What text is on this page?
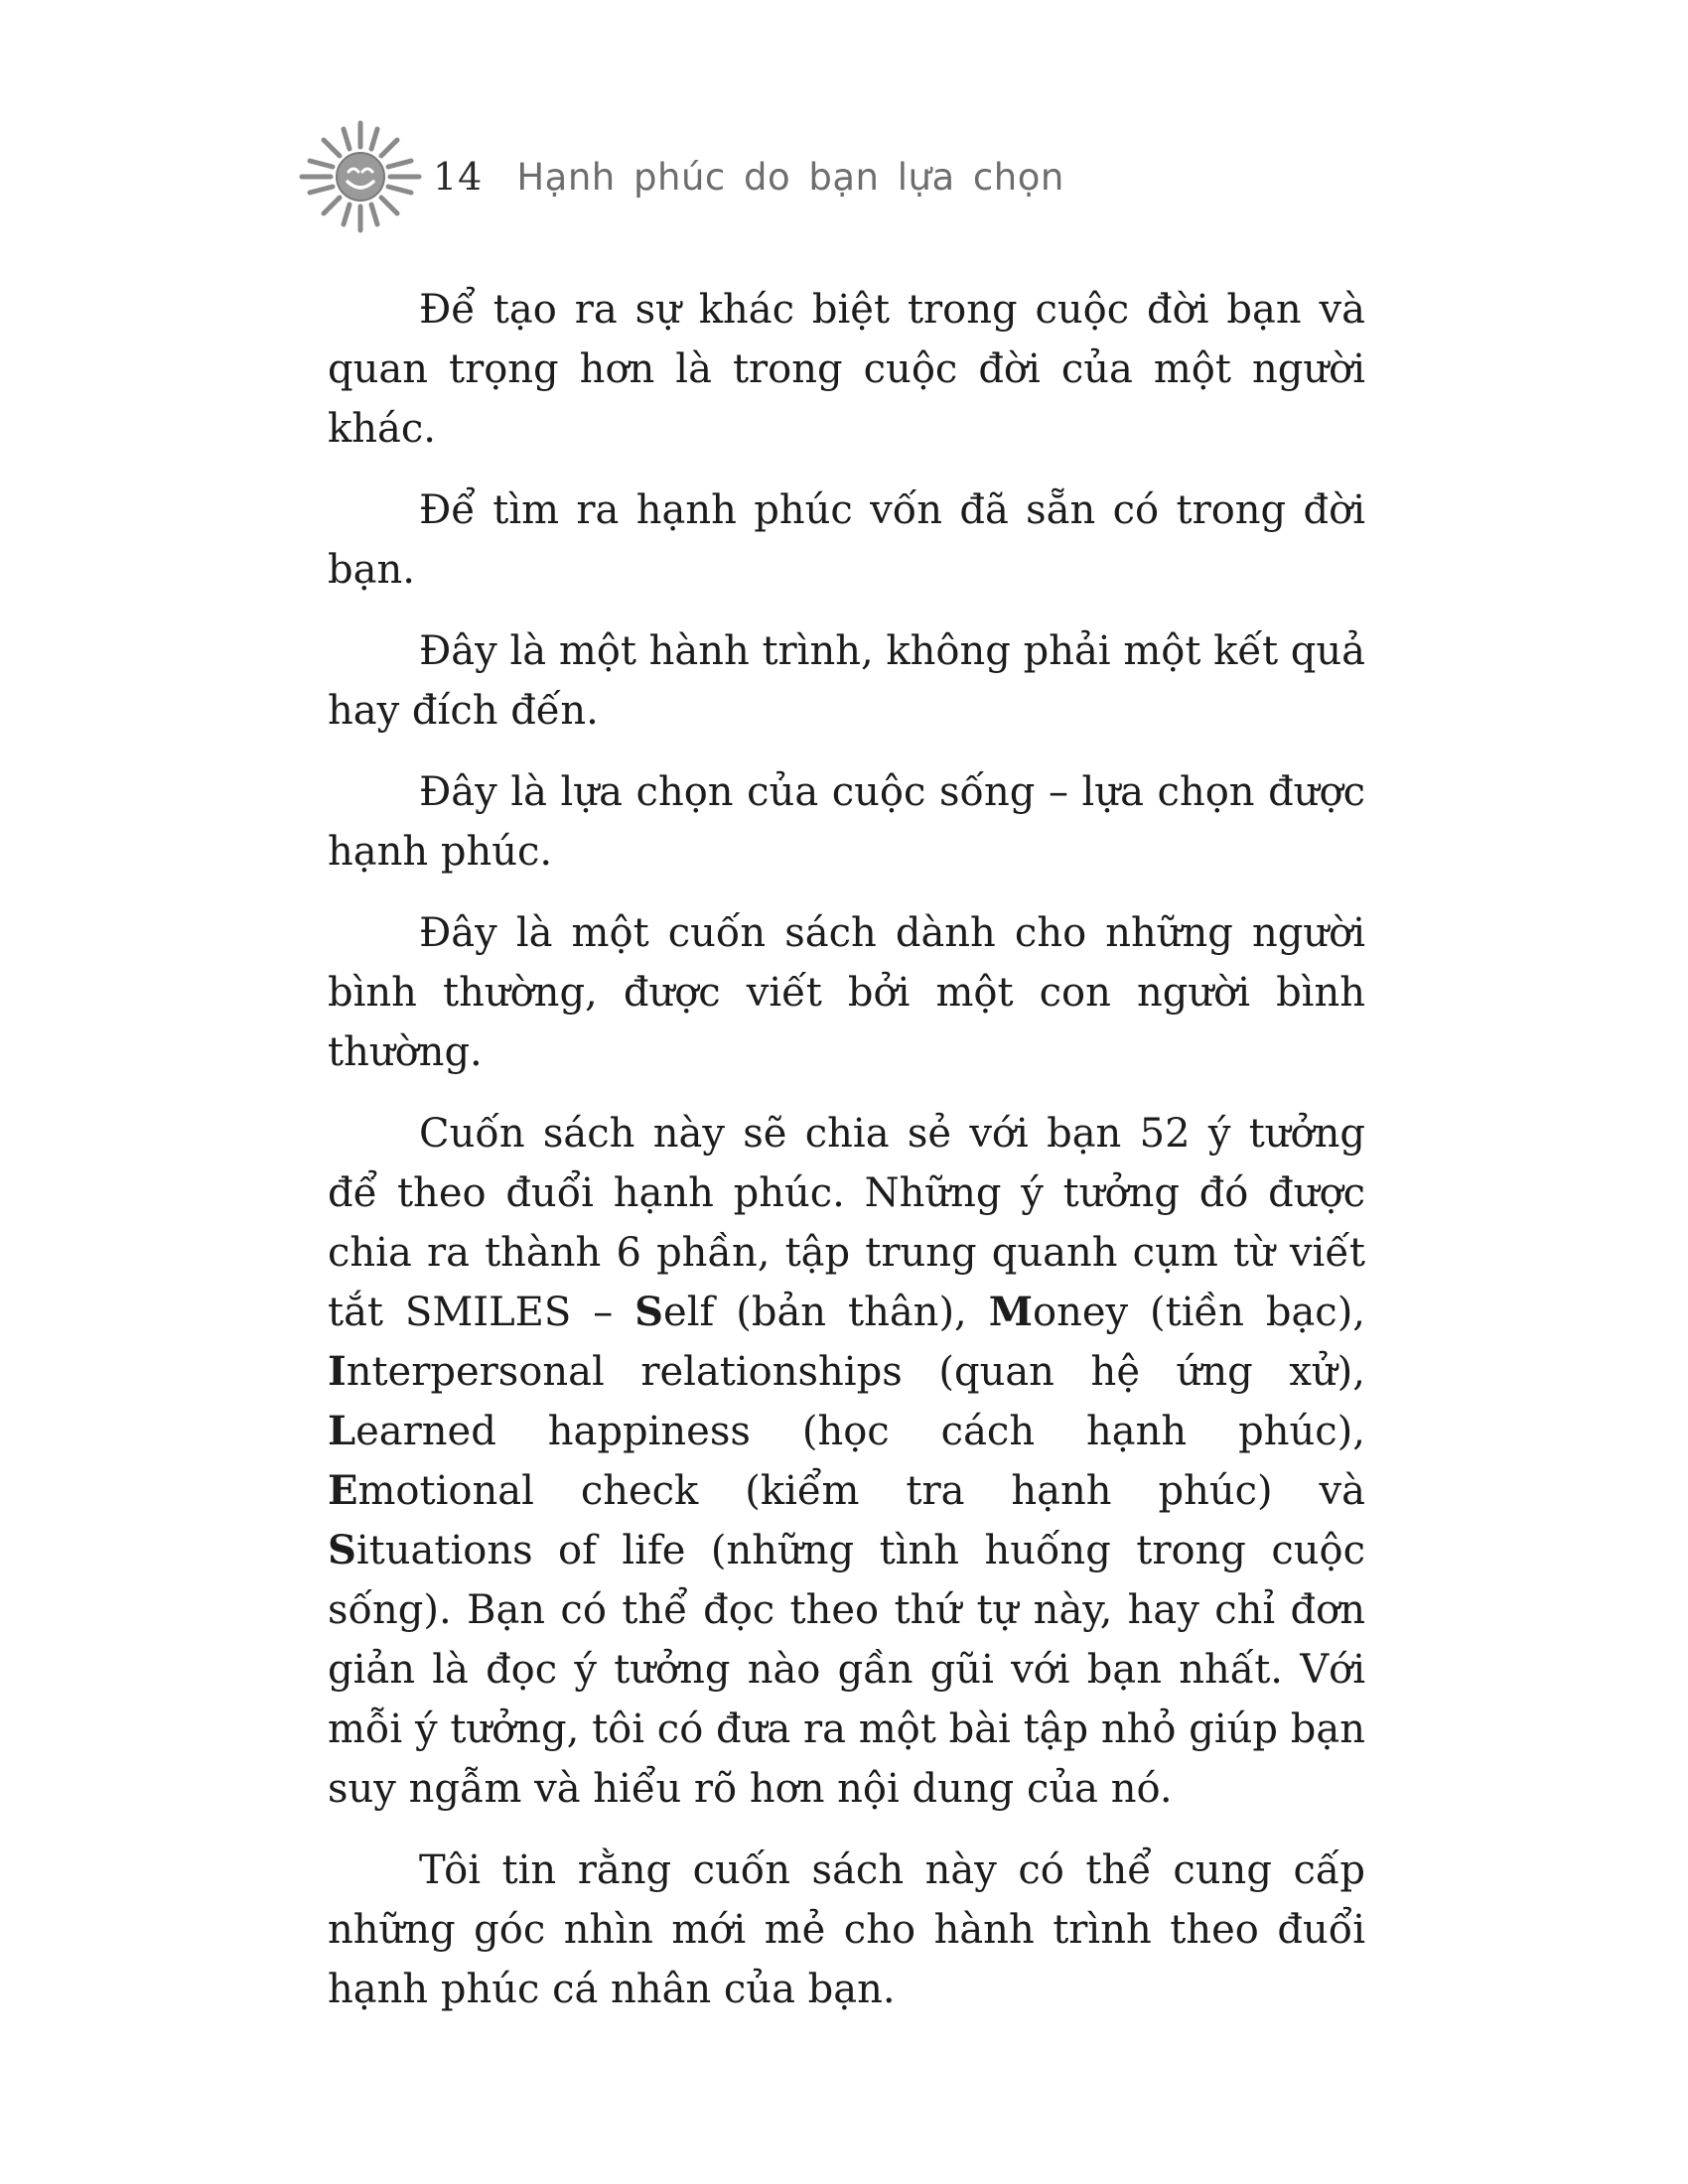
14 Hạnh phúc do bạn lựa chọn

Để tạo ra sự khác biệt trong cuộc đời bạn và quan trọng hơn là trong cuộc đời của một người khác.

Để tìm ra hạnh phúc vốn đã sẵn có trong đời bạn.

Đây là một hành trình, không phải một kết quả hay đích đến.

Đây là lựa chọn của cuộc sống – lựa chọn được hạnh phúc.

Đây là một cuốn sách dành cho những người bình thường, được viết bởi một con người bình thường.

Cuốn sách này sẽ chia sẻ với bạn 52 ý tưởng để theo đuổi hạnh phúc. Những ý tưởng đó được chia ra thành 6 phần, tập trung quanh cụm từ viết tắt SMILES – Self (bản thân), Money (tiền bạc), Interpersonal relationships (quan hệ ứng xử), Learned happiness (học cách hạnh phúc), Emotional check (kiểm tra hạnh phúc) và Situations of life (những tình huống trong cuộc sống). Bạn có thể đọc theo thứ tự này, hay chỉ đơn giản là đọc ý tưởng nào gần gũi với bạn nhất. Với mỗi ý tưởng, tôi có đưa ra một bài tập nhỏ giúp bạn suy ngẫm và hiểu rõ hơn nội dung của nó.

Tôi tin rằng cuốn sách này có thể cung cấp những góc nhìn mới mẻ cho hành trình theo đuổi hạnh phúc cá nhân của bạn.
